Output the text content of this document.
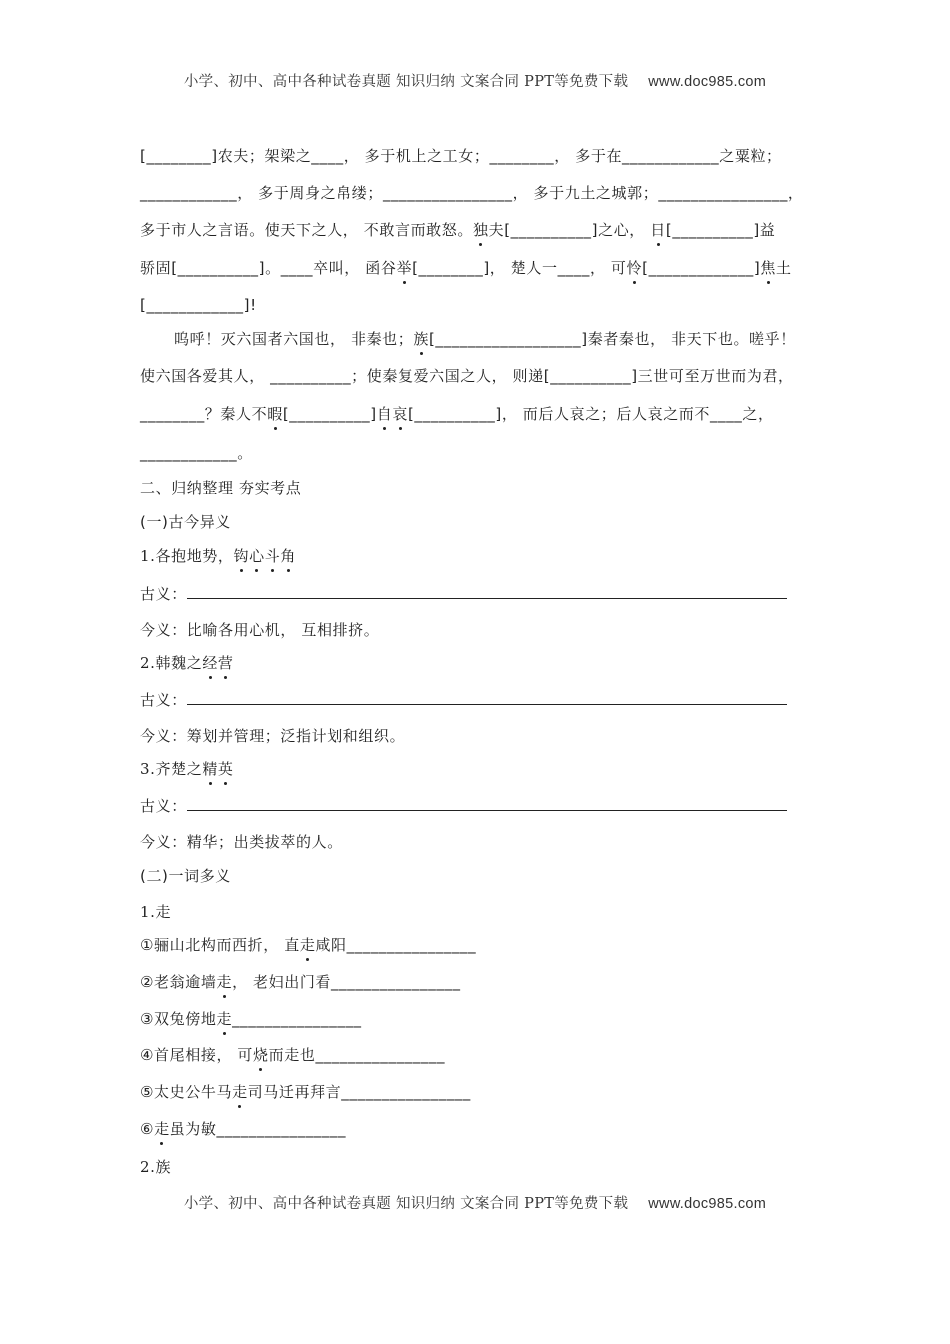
小学、初中、高中各种试卷真题 知识归纳 文案合同 PPT等免费下载 www.doc985.com
[________]农夫；架梁之____， 多于机上之工女；________， 多于在____________之粟粒；
____________， 多于周身之帛缕；________________， 多于九土之城郭；________________，
多于市人之言语。使天下之人， 不敢言而敢怒。独夫[__________]之心， 日[__________]益
骄固[__________]。____卒叫， 函谷举[________]， 楚人一____， 可怜[_____________]焦土
[____________]!
呜呼！灭六国者六国也， 非秦也；族[__________________]秦者秦也， 非天下也。嗟乎！
使六国各爱其人， __________；使秦复爱六国之人， 则递[__________]三世可至万世而为君，
________？秦人不暇[__________]自哀[__________]， 而后人哀之；后人哀之而不____之，
____________。
二、归纳整理 夯实考点
(一)古今异义
1.各抱地势，钩心斗角
古义：
今义：比喻各用心机， 互相排挤。
2.韩魏之经营
古义：
今义：筹划并管理；泛指计划和组织。
3.齐楚之精英
古义：
今义：精华；出类拔萃的人。
(二)一词多义
1.走
①骊山北构而西折， 直走咸阳________________
②老翁逾墙走， 老妇出门看________________
③双兔傍地走________________
④首尾相接， 可烧而走也________________
⑤太史公牛马走司马迁再拜言________________
⑥走虽为敏________________
2.族
小学、初中、高中各种试卷真题 知识归纳 文案合同 PPT等免费下载 www.doc985.com
